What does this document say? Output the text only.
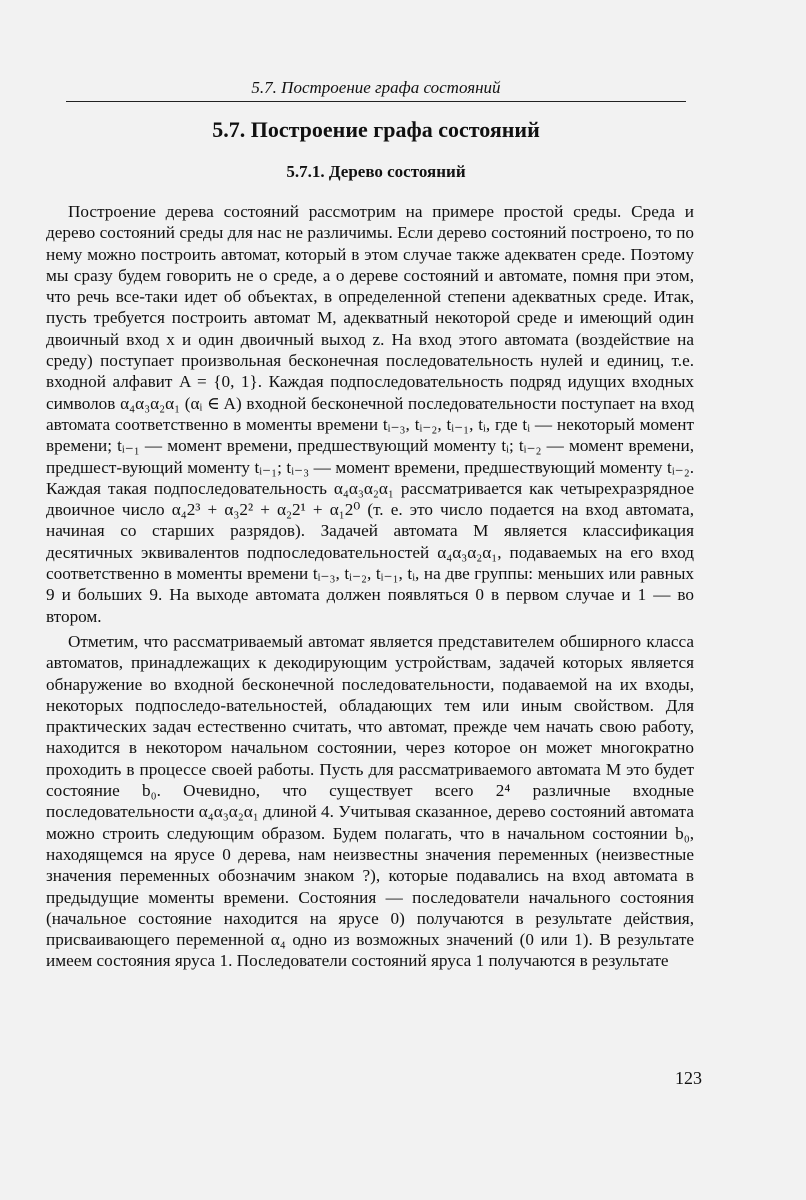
5.7. Построение графа состояний
5.7. Построение графа состояний
5.7.1. Дерево состояний

Построение дерева состояний рассмотрим на примере простой среды. Среда и дерево состояний среды для нас не различимы. Если дерево состояний построено, то по нему можно построить автомат, который в этом случае также адекватен среде. Поэтому мы сразу будем говорить не о среде, а о дереве состояний и автомате, помня при этом, что речь все-таки идет об объектах, в определенной степени адекватных среде. Итак, пусть требуется построить автомат M, адекватный некоторой среде и имеющий один двоичный вход x и один двоичный выход z. На вход этого автомата (воздействие на среду) поступает произвольная бесконечная последовательность нулей и единиц, т.е. входной алфавит A = {0, 1}. Каждая подпоследовательность подряд идущих входных символов α₄α₃α₂α₁ (αᵢ ∈ A) входной бесконечной последовательности поступает на вход автомата соответственно в моменты времени tᵢ₋₃, tᵢ₋₂, tᵢ₋₁, tᵢ, где tᵢ — некоторый момент времени; tᵢ₋₁ — момент времени, предшествующий моменту tᵢ; tᵢ₋₂ — момент времени, предшест-вующий моменту tᵢ₋₁; tᵢ₋₃ — момент времени, предшествующий моменту tᵢ₋₂. Каждая такая подпоследовательность α₄α₃α₂α₁ рассматривается как четырехразрядное двоичное число α₄2³ + α₃2² + α₂2¹ + α₁2⁰ (т. е. это число подается на вход автомата, начиная со старших разрядов). Задачей автомата M является классификация десятичных эквивалентов подпоследовательностей α₄α₃α₂α₁, подаваемых на его вход соответственно в моменты времени tᵢ₋₃, tᵢ₋₂, tᵢ₋₁, tᵢ, на две группы: меньших или равных 9 и больших 9. На выходе автомата должен появляться 0 в первом случае и 1 — во втором.

Отметим, что рассматриваемый автомат является представителем обширного класса автоматов, принадлежащих к декодирующим устройствам, задачей которых является обнаружение во входной бесконечной последовательности, подаваемой на их входы, некоторых подпоследо-вательностей, обладающих тем или иным свойством. Для практических задач естественно считать, что автомат, прежде чем начать свою работу, находится в некотором начальном состоянии, через которое он может многократно проходить в процессе своей работы. Пусть для рассматриваемого автомата M это будет состояние b₀. Очевидно, что существует всего 2⁴ различные входные последовательности α₄α₃α₂α₁ длиной 4. Учитывая сказанное, дерево состояний автомата можно строить следующим образом. Будем полагать, что в начальном состоянии b₀, находящемся на ярусе 0 дерева, нам неизвестны значения переменных (неизвестные значения переменных обозначим знаком ?), которые подавались на вход автомата в предыдущие моменты времени. Состояния — последователи начального состояния (начальное состояние находится на ярусе 0) получаются в результате действия, присваивающего переменной α₄ одно из возможных значений (0 или 1). В результате имеем состояния яруса 1. Последователи состояний яруса 1 получаются в результате

123
